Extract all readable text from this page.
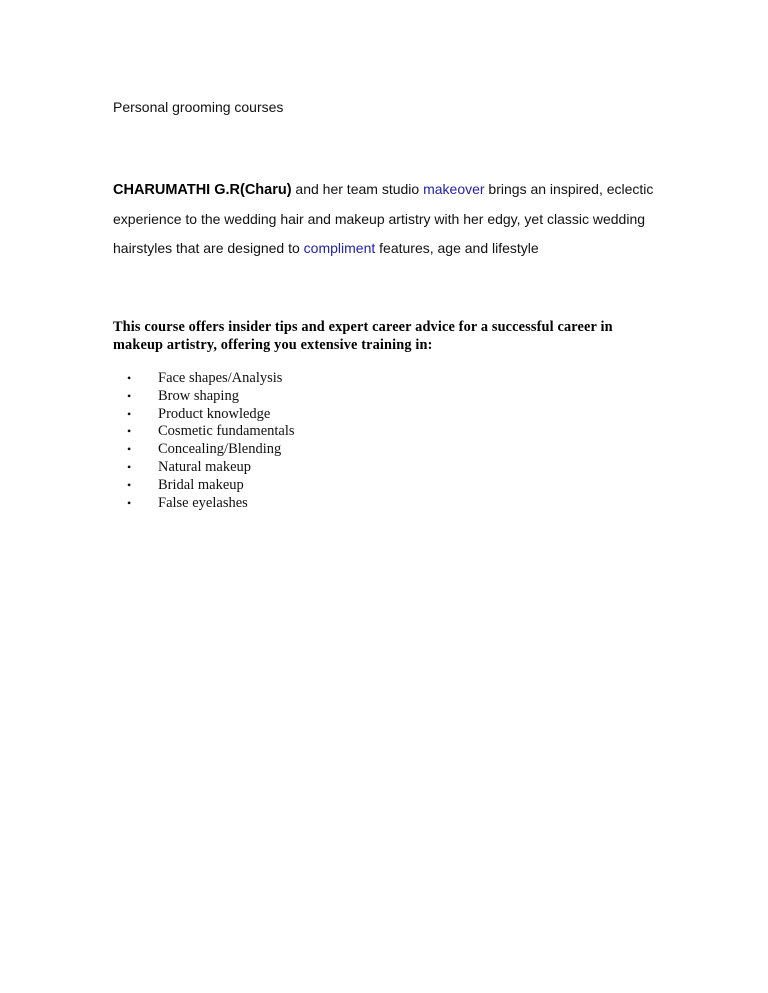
Personal grooming courses
CHARUMATHI G.R(Charu) and her team studio makeover brings an inspired, eclectic experience to the wedding hair and makeup artistry with her edgy, yet classic wedding hairstyles that are designed to compliment features, age and lifestyle
This course offers insider tips and expert career advice for a successful career in makeup artistry, offering you extensive training in:
• Face shapes/Analysis
• Brow shaping
• Product knowledge
• Cosmetic fundamentals
• Concealing/Blending
• Natural makeup
• Bridal makeup
• False eyelashes
